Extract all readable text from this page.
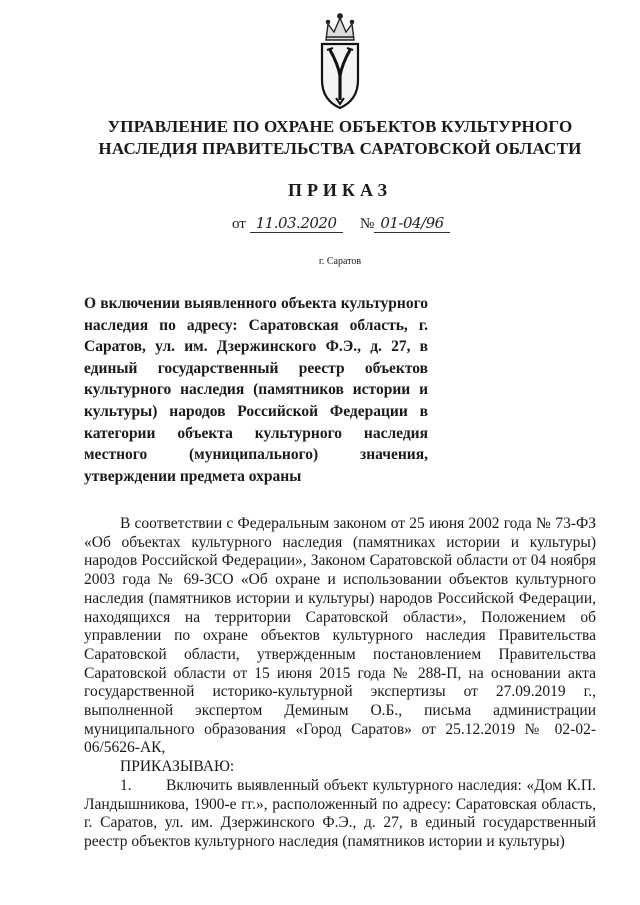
УПРАВЛЕНИЕ ПО ОХРАНЕ ОБЪЕКТОВ КУЛЬТУРНОГО
НАСЛЕДИЯ ПРАВИТЕЛЬСТВА САРАТОВСКОЙ ОБЛАСТИ
ПРИКАЗ
от 11.03.2020 № 01-04/96
г. Саратов
О включении выявленного объекта культурного наследия по адресу: Саратовская область, г. Саратов, ул. им. Дзержинского Ф.Э., д. 27, в единый государственный реестр объектов культурного наследия (памятников истории и культуры) народов Российской Федерации в категории объекта культурного наследия местного (муниципального) значения, утверждении предмета охраны

В соответствии с Федеральным законом от 25 июня 2002 года № 73-ФЗ «Об объектах культурного наследия (памятниках истории и культуры) народов Российской Федерации», Законом Саратовской области от 04 ноября 2003 года № 69-ЗСО «Об охране и использовании объектов культурного наследия (памятников истории и культуры) народов Российской Федерации, находящихся на территории Саратовской области», Положением об управлении по охране объектов культурного наследия Правительства Саратовской области, утвержденным постановлением Правительства Саратовской области от 15 июня 2015 года № 288-П, на основании акта государственной историко-культурной экспертизы от 27.09.2019 г., выполненной экспертом Деминым О.Б., письма администрации муниципального образования «Город Саратов» от 25.12.2019 № 02-02-06/5626-АК,

ПРИКАЗЫВАЮ:

1. Включить выявленный объект культурного наследия: «Дом К.П. Ландышникова, 1900-е гг.», расположенный по адресу: Саратовская область, г. Саратов, ул. им. Дзержинского Ф.Э., д. 27, в единый государственный реестр объектов культурного наследия (памятников истории и культуры)
